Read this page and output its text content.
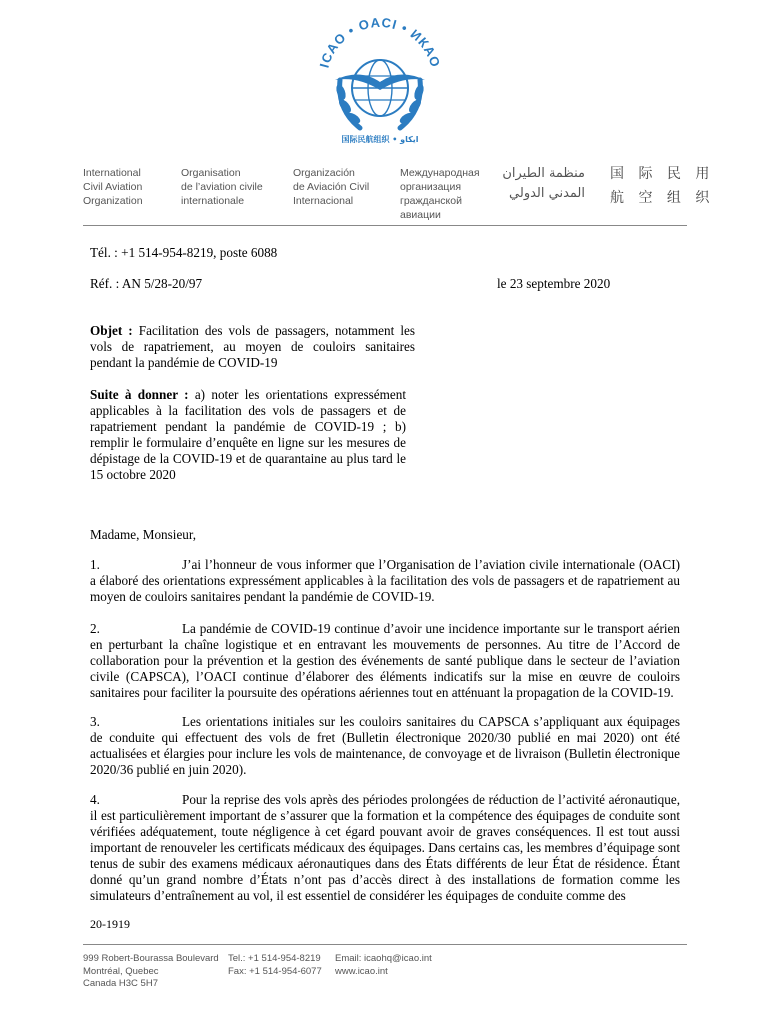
ICAO • OACI • ИКАО
国际民航组织 • ايكاو
International
Civil Aviation
Organization
Organisation
de l’aviation civile
internationale
Organización
de Aviación Civil
Internacional
Международная
организация
гражданской
авиации
منظمة الطيران
المدني الدولي
国 际 民 用
航 空 组 织
Tél. : +1 514-954-8219, poste 6088
Réf. : AN 5/28-20/97	le 23 septembre 2020
Objet : Facilitation des vols de passagers, notamment les vols de rapatriement, au moyen de couloirs sanitaires pendant la pandémie de COVID-19
Suite à donner : a) noter les orientations expressément applicables à la facilitation des vols de passagers et de rapatriement pendant la pandémie de COVID-19 ; b) remplir le formulaire d’enquête en ligne sur les mesures de dépistage de la COVID-19 et de quarantaine au plus tard le 15 octobre 2020
Madame, Monsieur,
1.	J’ai l’honneur de vous informer que l’Organisation de l’aviation civile internationale (OACI) a élaboré des orientations expressément applicables à la facilitation des vols de passagers et de rapatriement au moyen de couloirs sanitaires pendant la pandémie de COVID-19.
2.	La pandémie de COVID-19 continue d’avoir une incidence importante sur le transport aérien en perturbant la chaîne logistique et en entravant les mouvements de personnes. Au titre de l’Accord de collaboration pour la prévention et la gestion des événements de santé publique dans le secteur de l’aviation civile (CAPSCA), l’OACI continue d’élaborer des éléments indicatifs sur la mise en œuvre de couloirs sanitaires pour faciliter la poursuite des opérations aériennes tout en atténuant la propagation de la COVID-19.
3.	Les orientations initiales sur les couloirs sanitaires du CAPSCA s’appliquant aux équipages de conduite qui effectuent des vols de fret (Bulletin électronique 2020/30 publié en mai 2020) ont été actualisées et élargies pour inclure les vols de maintenance, de convoyage et de livraison (Bulletin électronique 2020/36 publié en juin 2020).
4.	Pour la reprise des vols après des périodes prolongées de réduction de l’activité aéronautique, il est particulièrement important de s’assurer que la formation et la compétence des équipages de conduite sont vérifiées adéquatement, toute négligence à cet égard pouvant avoir de graves conséquences. Il est tout aussi important de renouveler les certificats médicaux des équipages. Dans certains cas, les membres d’équipage sont tenus de subir des examens médicaux aéronautiques dans des États différents de leur État de résidence. Étant donné qu’un grand nombre d’États n’ont pas d’accès direct à des installations de formation comme les simulateurs d’entraînement au vol, il est essentiel de considérer les équipages de conduite comme des
20-1919
999 Robert-Bourassa Boulevard
Montréal, Quebec
Canada H3C 5H7
Tel.: +1 514-954-8219
Fax: +1 514-954-6077
Email: icaohq@icao.int
www.icao.int
